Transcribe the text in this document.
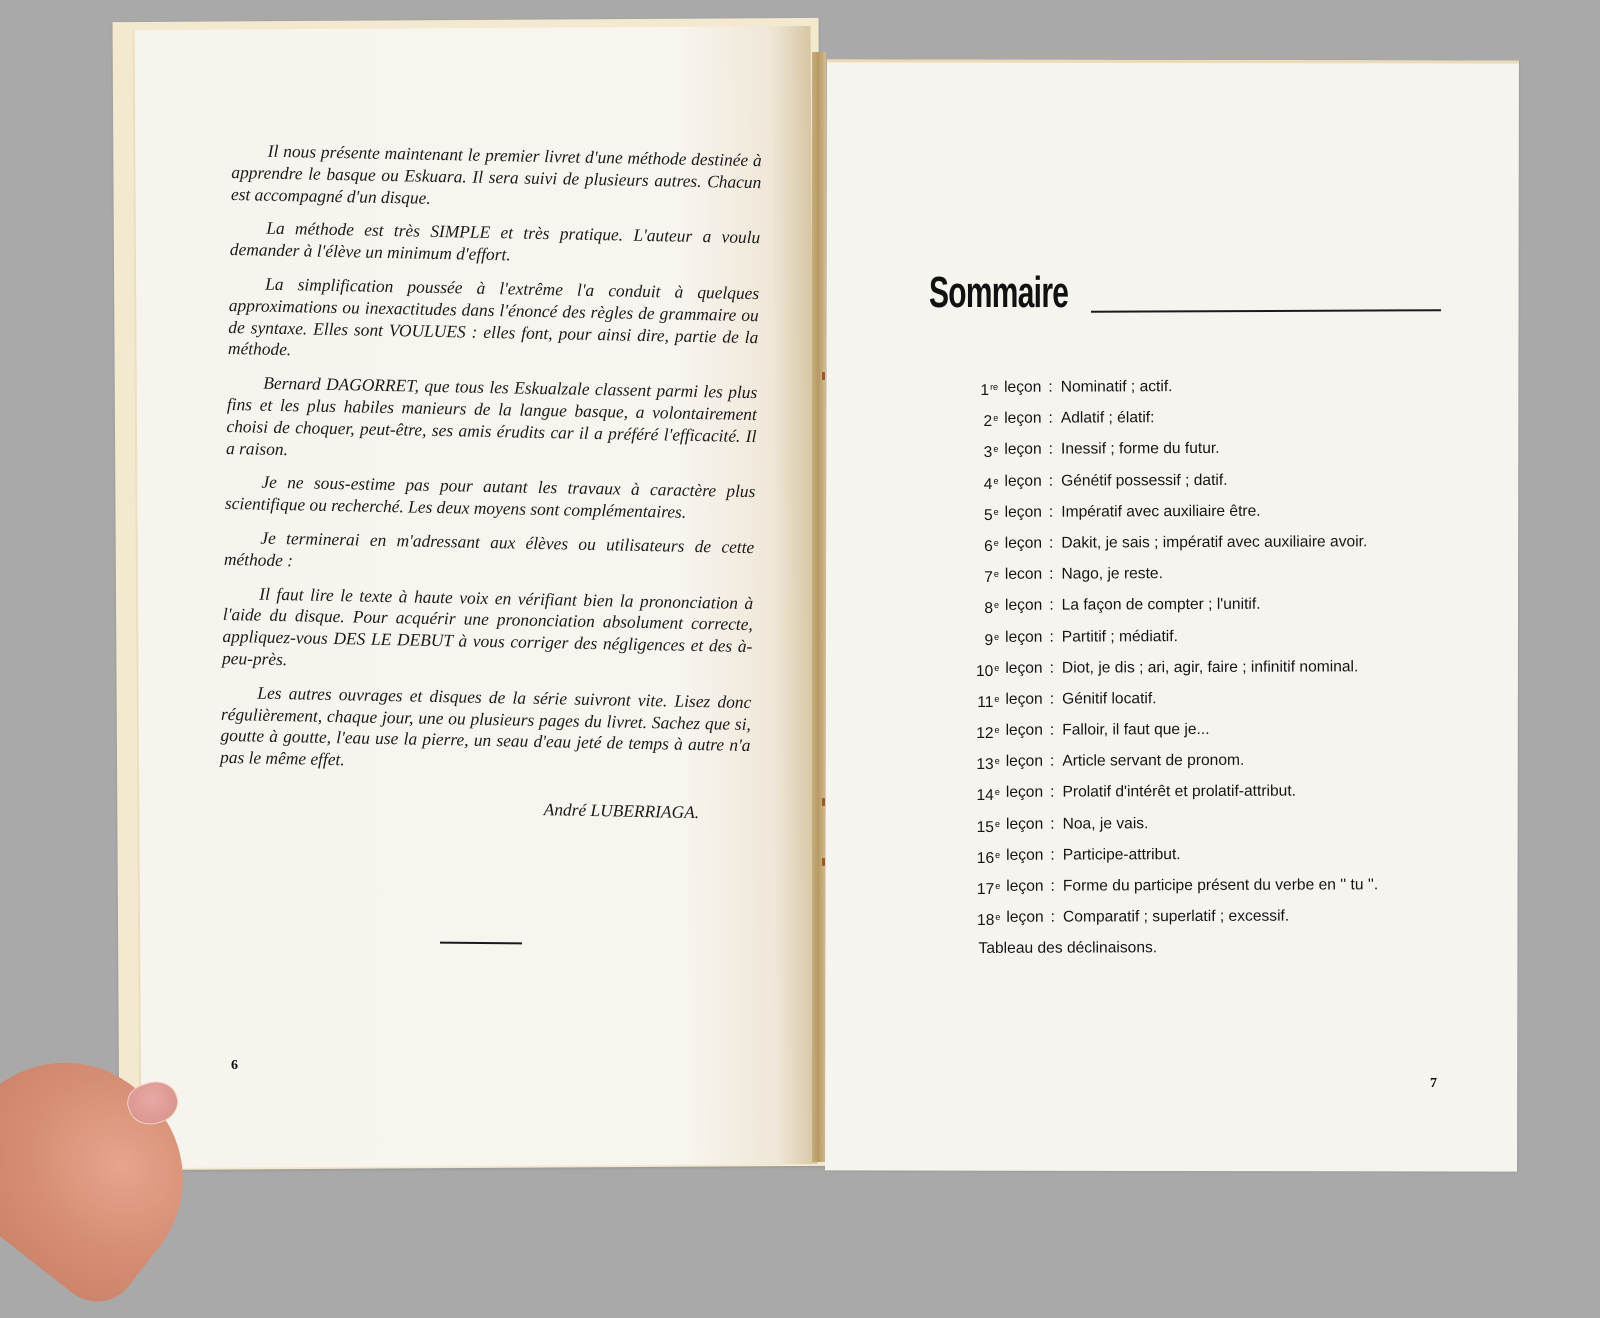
Il nous présente maintenant le premier livret d'une méthode destinée à apprendre le basque ou Eskuara. Il sera suivi de plusieurs autres. Chacun est accompagné d'un disque.

La méthode est très SIMPLE et très pratique. L'auteur a voulu demander à l'élève un minimum d'effort.

La simplification poussée à l'extrême l'a conduit à quelques approximations ou inexactitudes dans l'énoncé des règles de grammaire ou de syntaxe. Elles sont VOULUES : elles font, pour ainsi dire, partie de la méthode.

Bernard DAGORRET, que tous les Eskualzale classent parmi les plus fins et les plus habiles manieurs de la langue basque, a volontairement choisi de choquer, peut-être, ses amis érudits car il a préféré l'efficacité. Il a raison.

Je ne sous-estime pas pour autant les travaux à caractère plus scientifique ou recherché. Les deux moyens sont complémentaires.

Je terminerai en m'adressant aux élèves ou utilisateurs de cette méthode :

Il faut lire le texte à haute voix en vérifiant bien la prononciation à l'aide du disque. Pour acquérir une prononciation absolument correcte, appliquez-vous DES LE DEBUT à vous corriger des négligences et des à-peu-près.

Les autres ouvrages et disques de la série suivront vite. Lisez donc régulièrement, chaque jour, une ou plusieurs pages du livret. Sachez que si, goutte à goutte, l'eau use la pierre, un seau d'eau jeté de temps à autre n'a pas le même effet.

André LUBERRIAGA.

6
Sommaire
1re leçon : Nominatif ; actif.
2e leçon : Adlatif ; élatif:
3e leçon : Inessif ; forme du futur.
4e leçon : Génétif possessif ; datif.
5e leçon : Impératif avec auxiliaire être.
6e leçon : Dakit, je sais ; impératif avec auxiliaire avoir.
7e lecon : Nago, je reste.
8e leçon : La façon de compter ; l'unitif.
9e leçon : Partitif ; médiatif.
10e leçon : Diot, je dis ; ari, agir, faire ; infinitif nominal.
11e leçon : Génitif locatif.
12e leçon : Falloir, il faut que je...
13e leçon : Article servant de pronom.
14e leçon : Prolatif d'intérêt et prolatif-attribut.
15e leçon : Noa, je vais.
16e leçon : Participe-attribut.
17e leçon : Forme du participe présent du verbe en '' tu ''.
18e leçon : Comparatif ; superlatif ; excessif.
Tableau des déclinaisons.
7
